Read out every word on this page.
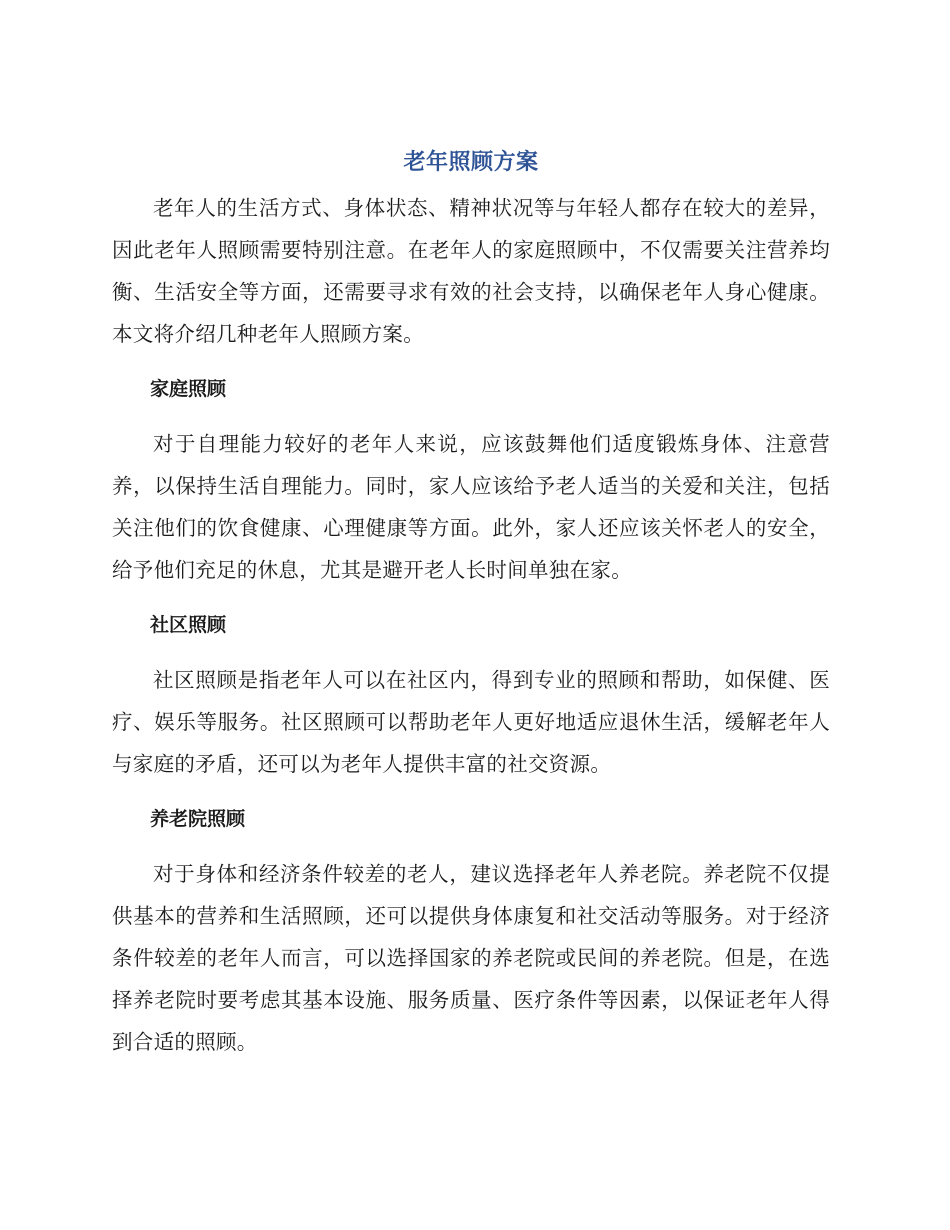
老年照顾方案

老年人的生活方式、身体状态、精神状况等与年轻人都存在较大的差异，因此老年人照顾需要特别注意。在老年人的家庭照顾中，不仅需要关注营养均衡、生活安全等方面，还需要寻求有效的社会支持，以确保老年人身心健康。本文将介绍几种老年人照顾方案。

家庭照顾

对于自理能力较好的老年人来说，应该鼓舞他们适度锻炼身体、注意营养，以保持生活自理能力。同时，家人应该给予老人适当的关爱和关注，包括关注他们的饮食健康、心理健康等方面。此外，家人还应该关怀老人的安全，给予他们充足的休息，尤其是避开老人长时间单独在家。

社区照顾

社区照顾是指老年人可以在社区内，得到专业的照顾和帮助，如保健、医疗、娱乐等服务。社区照顾可以帮助老年人更好地适应退休生活，缓解老年人与家庭的矛盾，还可以为老年人提供丰富的社交资源。

养老院照顾

对于身体和经济条件较差的老人，建议选择老年人养老院。养老院不仅提供基本的营养和生活照顾，还可以提供身体康复和社交活动等服务。对于经济条件较差的老年人而言，可以选择国家的养老院或民间的养老院。但是，在选择养老院时要考虑其基本设施、服务质量、医疗条件等因素，以保证老年人得到合适的照顾。
